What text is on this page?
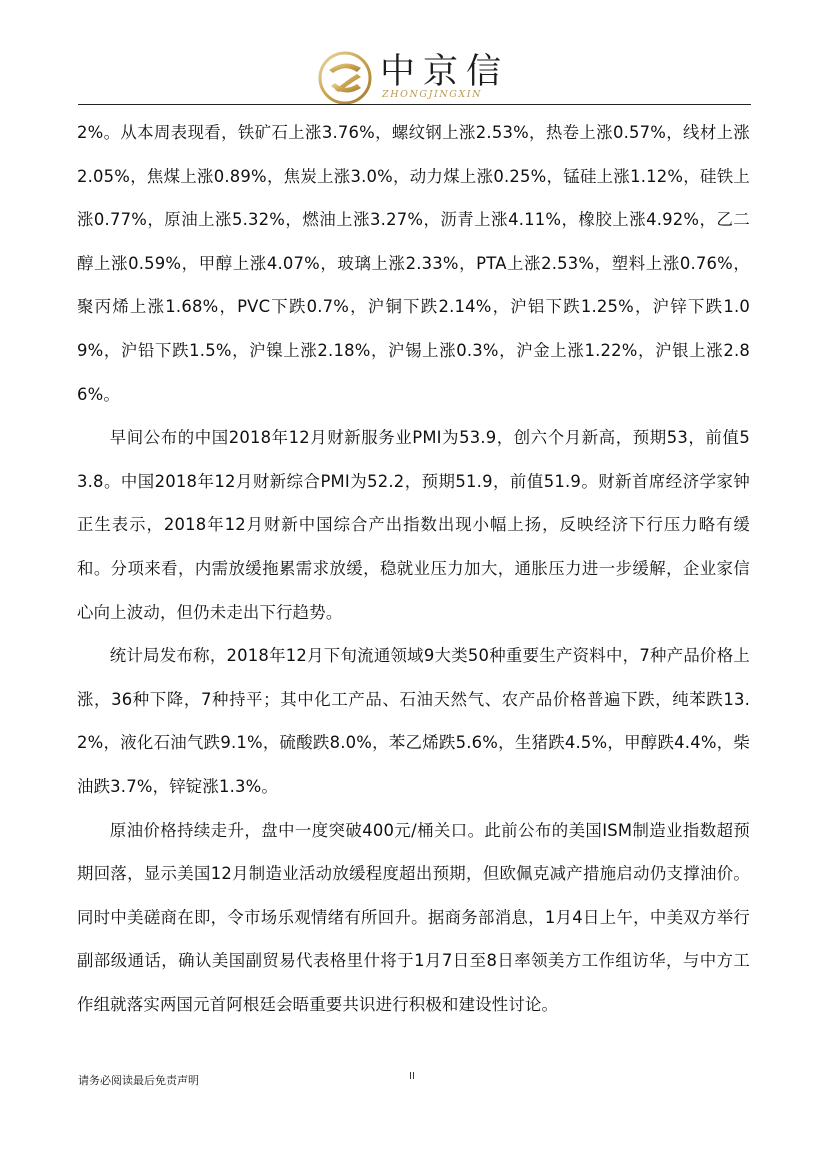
中京信
ZHONGJINGXIN

2%。从本周表现看，铁矿石上涨3.76%，螺纹钢上涨2.53%，热卷上涨0.57%，线材上涨2.05%，焦煤上涨0.89%，焦炭上涨3.0%，动力煤上涨0.25%，锰硅上涨1.12%，硅铁上涨0.77%，原油上涨5.32%，燃油上涨3.27%，沥青上涨4.11%，橡胶上涨4.92%，乙二醇上涨0.59%，甲醇上涨4.07%，玻璃上涨2.33%，PTA上涨2.53%，塑料上涨0.76%，聚丙烯上涨1.68%，PVC下跌0.7%，沪铜下跌2.14%，沪铝下跌1.25%，沪锌下跌1.09%，沪铅下跌1.5%，沪镍上涨2.18%，沪锡上涨0.3%，沪金上涨1.22%，沪银上涨2.86%。

早间公布的中国2018年12月财新服务业PMI为53.9，创六个月新高，预期53，前值53.8。中国2018年12月财新综合PMI为52.2，预期51.9，前值51.9。财新首席经济学家钟正生表示，2018年12月财新中国综合产出指数出现小幅上扬，反映经济下行压力略有缓和。分项来看，内需放缓拖累需求放缓，稳就业压力加大，通胀压力进一步缓解，企业家信心向上波动，但仍未走出下行趋势。

统计局发布称，2018年12月下旬流通领域9大类50种重要生产资料中，7种产品价格上涨，36种下降，7种持平；其中化工产品、石油天然气、农产品价格普遍下跌，纯苯跌13.2%，液化石油气跌9.1%，硫酸跌8.0%，苯乙烯跌5.6%，生猪跌4.5%，甲醇跌4.4%，柴油跌3.7%，锌锭涨1.3%。

原油价格持续走升，盘中一度突破400元/桶关口。此前公布的美国ISM制造业指数超预期回落，显示美国12月制造业活动放缓程度超出预期，但欧佩克减产措施启动仍支撑油价。同时中美磋商在即，令市场乐观情绪有所回升。据商务部消息，1月4日上午，中美双方举行副部级通话，确认美国副贸易代表格里什将于1月7日至8日率领美方工作组访华，与中方工作组就落实两国元首阿根廷会晤重要共识进行积极和建设性讨论。

请务必阅读最后免责声明	II
